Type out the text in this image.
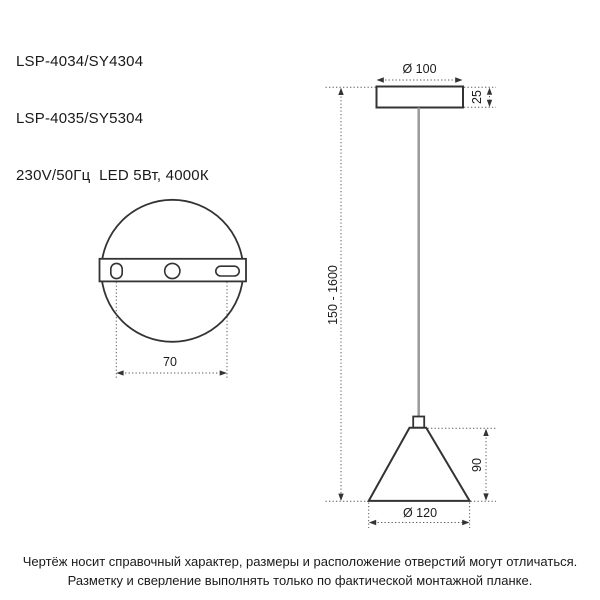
LSP-4034/SY4304

LSP-4035/SY5304

230V/50Гц  LED 5Вт, 4000К

Ø 100
25
150 - 1600
90
Ø 120
70
Чертёж носит справочный характер, размеры и расположение отверстий могут отличаться.
Разметку и сверление выполнять только по фактической монтажной планке.
